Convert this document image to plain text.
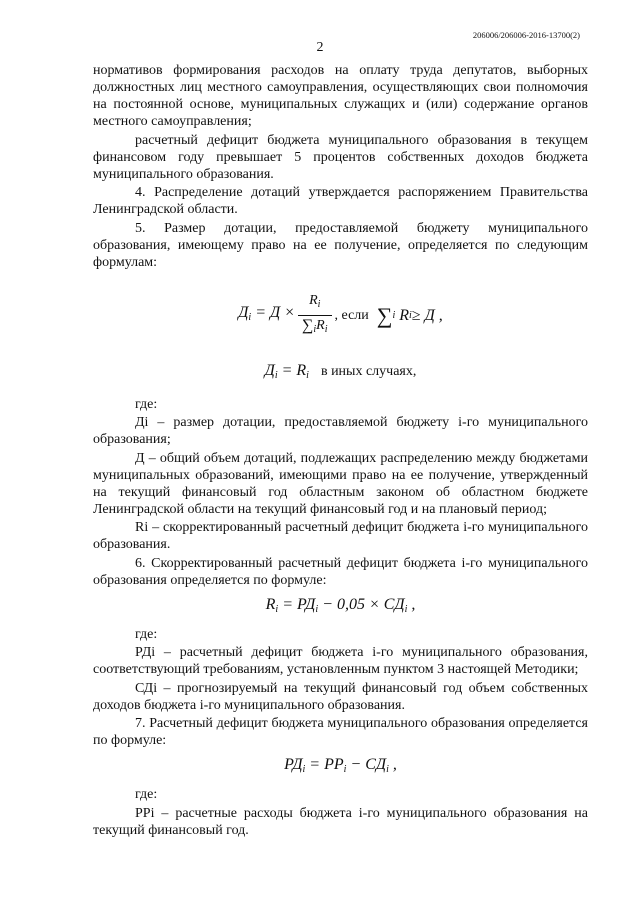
206006/206006-2016-13700(2)
2

нормативов формирования расходов на оплату труда депутатов, выборных должностных лиц местного самоуправления, осуществляющих свои полномочия на постоянной основе, муниципальных служащих и (или) содержание органов местного самоуправления;

расчетный дефицит бюджета муниципального образования в текущем финансовом году превышает 5 процентов собственных доходов бюджета муниципального образования.

4. Распределение дотаций утверждается распоряжением Правительства Ленинградской области.

5. Размер дотации, предоставляемой бюджету муниципального образования, имеющему право на ее получение, определяется по следующим формулам:

$Д_i = Д \times \frac{R_i}{\sum_iR_i}$ , если
∑ i R i ≥ Д ,
$Д_i = R_i$ в иных случаях,

где:

Дi – размер дотации, предоставляемой бюджету i-го муниципального образования;

Д – общий объем дотаций, подлежащих распределению между бюджетами муниципальных образований, имеющими право на ее получение, утвержденный на текущий финансовый год областным законом об областном бюджете Ленинградской области на текущий финансовый год и на плановый период;

Ri – скорректированный расчетный дефицит бюджета i-го муниципального образования.

6. Скорректированный расчетный дефицит бюджета i-го муниципального образования определяется по формуле:

$R_i = РД_i - 0,05 \times СД_i$ ,

где:

РДi – расчетный дефицит бюджета i-го муниципального образования, соответствующий требованиям, установленным пунктом 3 настоящей Методики;

СДi – прогнозируемый на текущий финансовый год объем собственных доходов бюджета i-го муниципального образования.

7. Расчетный дефицит бюджета муниципального образования определяется по формуле:

$РД_i = РР_i - СД_i$ ,

где:

РРi – расчетные расходы бюджета i-го муниципального образования на текущий финансовый год.
